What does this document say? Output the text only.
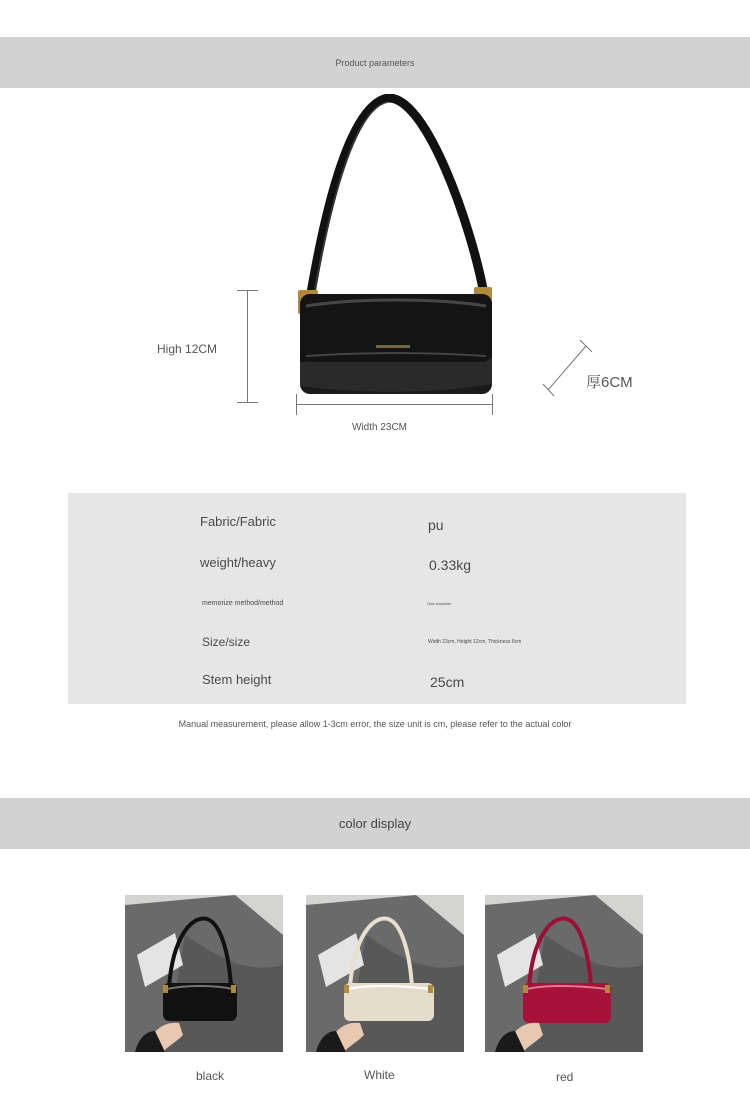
Product parameters
High 12CM
Width 23CM
厚6CM
Fabric/Fabric	pu
weight/heavy	0.33kg
memorize method/method	One shoulder
Size/size	Width 23cm, Height 12cm, Thickness 6cm
Stem height	25cm
Manual measurement, please allow 1-3cm error, the size unit is cm, please refer to the actual color
color display
black	White	red
